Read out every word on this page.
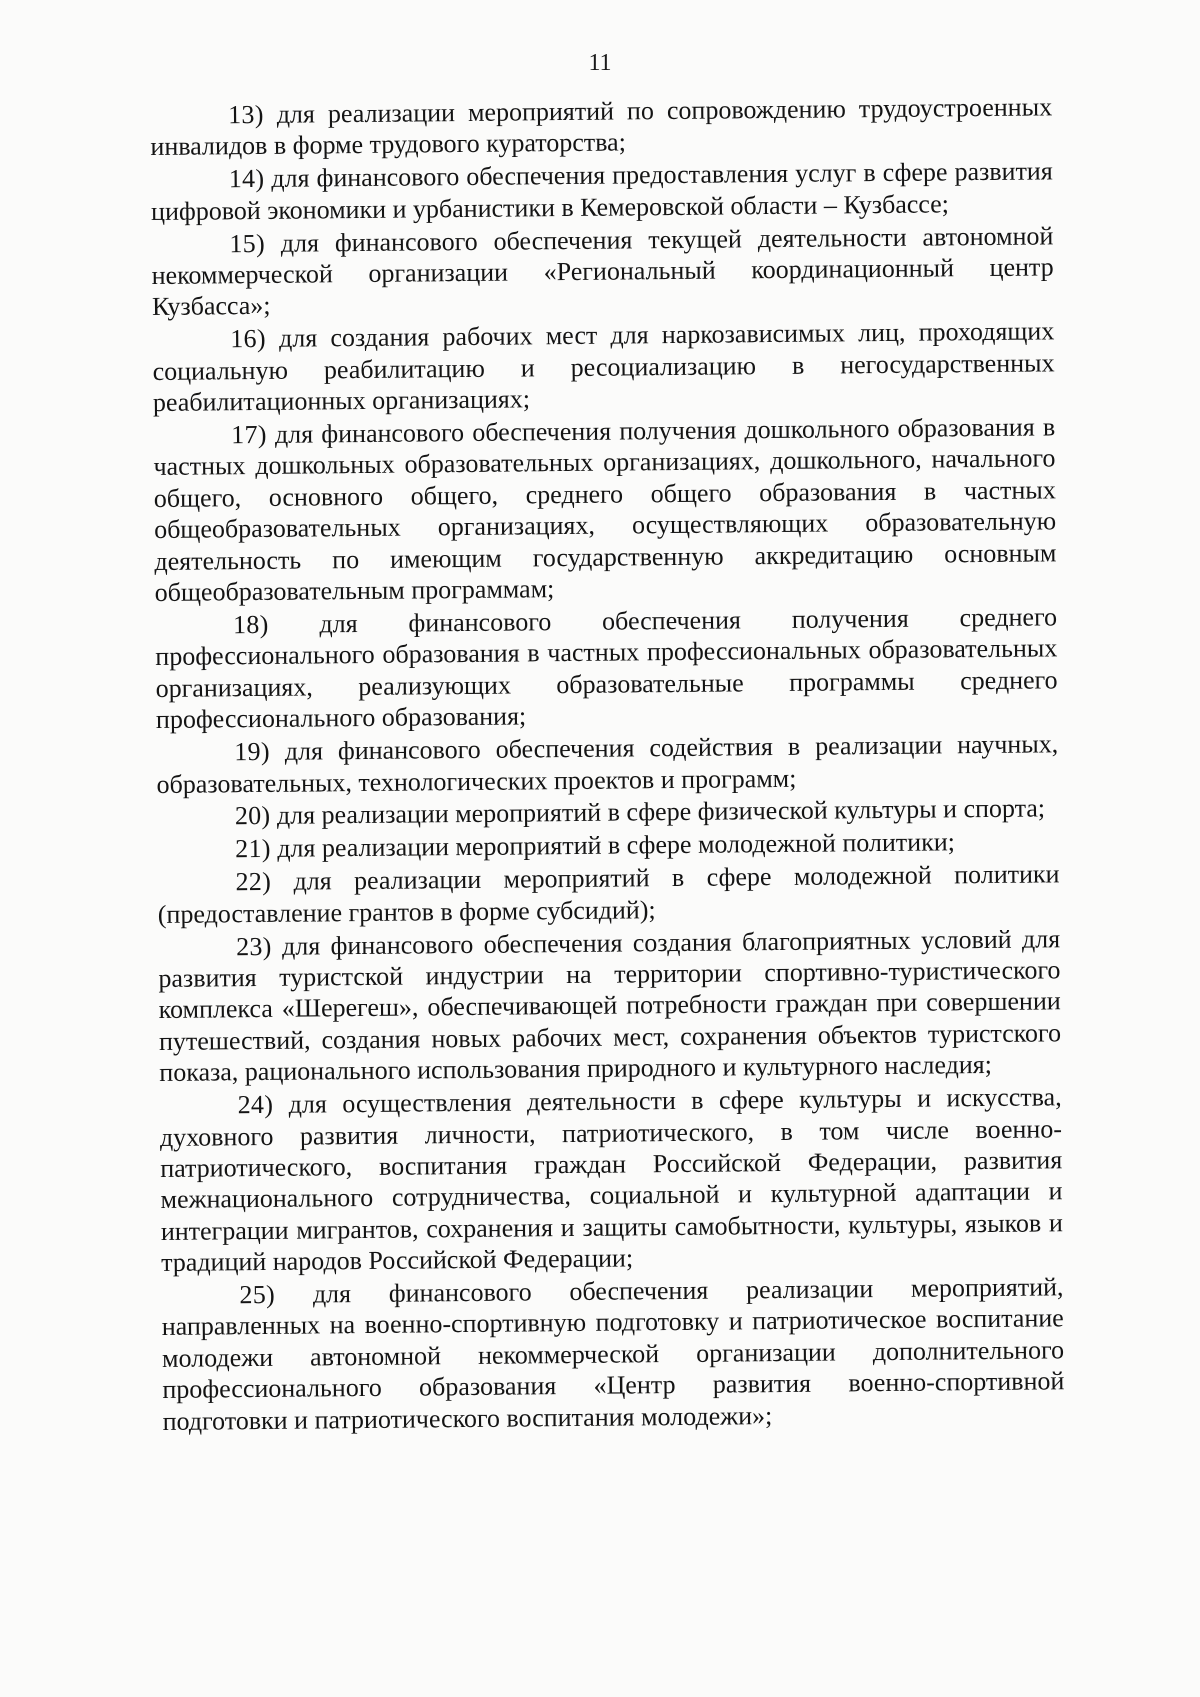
11

13) для реализации мероприятий по сопровождению трудоустроенных инвалидов в форме трудового кураторства;

14) для финансового обеспечения предоставления услуг в сфере развития цифровой экономики и урбанистики в Кемеровской области – Кузбассе;

15) для финансового обеспечения текущей деятельности автономной некоммерческой организации «Региональный координационный центр Кузбасса»;

16) для создания рабочих мест для наркозависимых лиц, проходящих социальную реабилитацию и ресоциализацию в негосударственных реабилитационных организациях;

17) для финансового обеспечения получения дошкольного образования в частных дошкольных образовательных организациях, дошкольного, начального общего, основного общего, среднего общего образования в частных общеобразовательных организациях, осуществляющих образовательную деятельность по имеющим государственную аккредитацию основным общеобразовательным программам;

18) для финансового обеспечения получения среднего профессионального образования в частных профессиональных образовательных организациях, реализующих образовательные программы среднего профессионального образования;

19) для финансового обеспечения содействия в реализации научных, образовательных, технологических проектов и программ;

20) для реализации мероприятий в сфере физической культуры и спорта;

21) для реализации мероприятий в сфере молодежной политики;

22) для реализации мероприятий в сфере молодежной политики (предоставление грантов в форме субсидий);

23) для финансового обеспечения создания благоприятных условий для развития туристской индустрии на территории спортивно-туристического комплекса «Шерегеш», обеспечивающей потребности граждан при совершении путешествий, создания новых рабочих мест, сохранения объектов туристского показа, рационального использования природного и культурного наследия;

24) для осуществления деятельности в сфере культуры и искусства, духовного развития личности, патриотического, в том числе военно-патриотического, воспитания граждан Российской Федерации, развития межнационального сотрудничества, социальной и культурной адаптации и интеграции мигрантов, сохранения и защиты самобытности, культуры, языков и традиций народов Российской Федерации;

25) для финансового обеспечения реализации мероприятий, направленных на военно-спортивную подготовку и патриотическое воспитание молодежи автономной некоммерческой организации дополнительного профессионального образования «Центр развития военно-спортивной подготовки и патриотического воспитания молодежи»;
